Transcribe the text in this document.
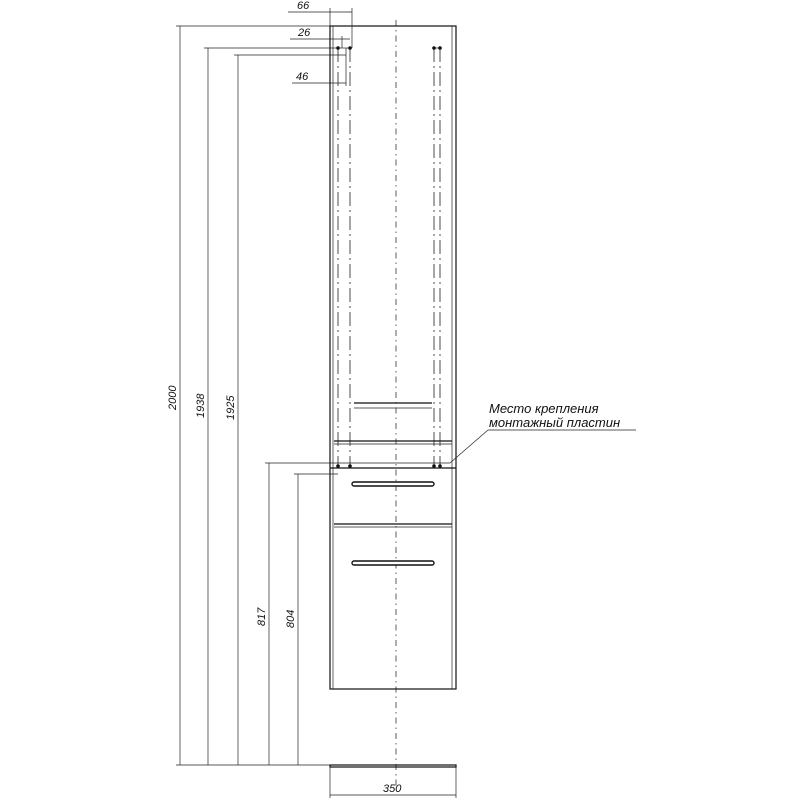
66
26
46
2000 1938 1925
817 804
350
Место крепления
монтажный пластин
